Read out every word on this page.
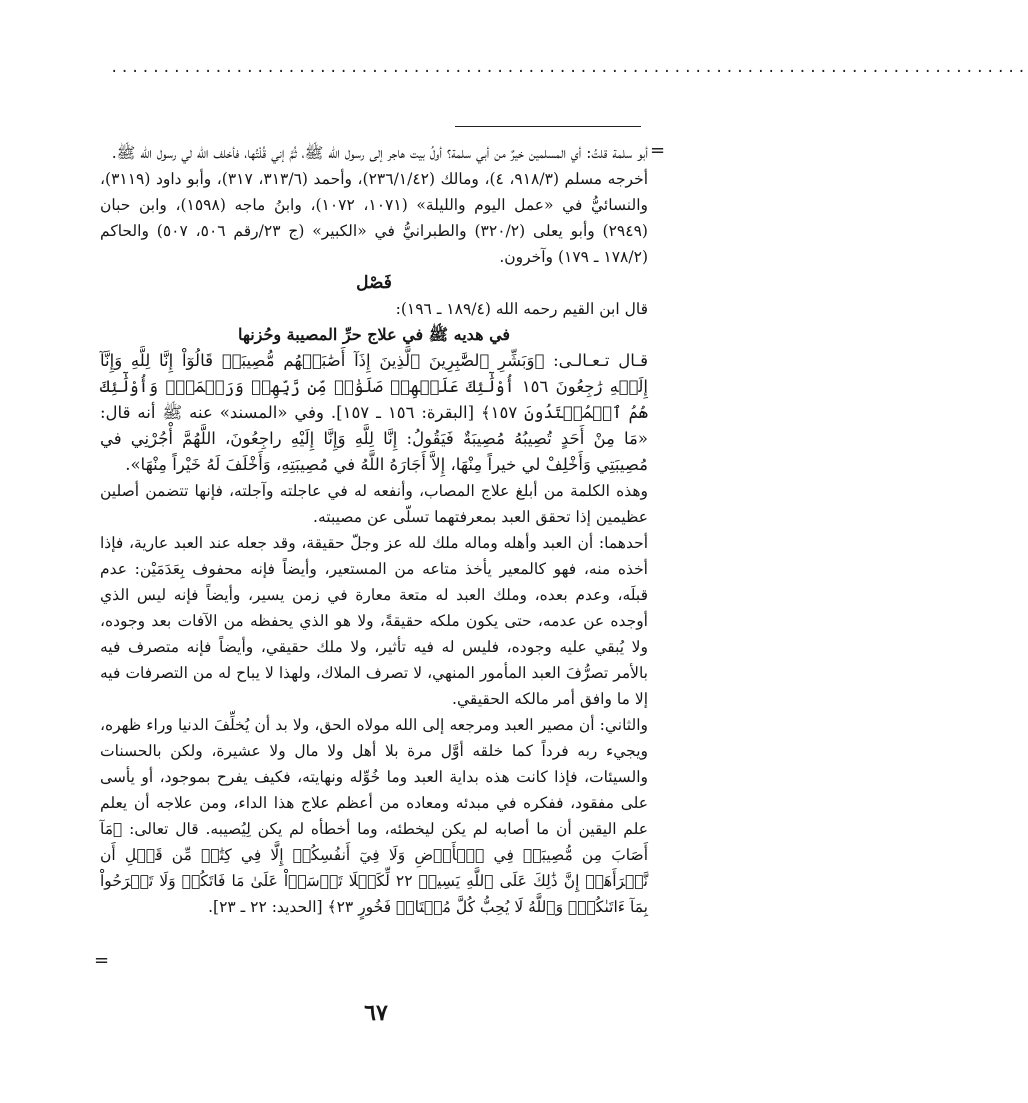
........................................................................................
=

أبو سلمة قلتُ: أي المسلمين خيرٌ من أبي سلمة؟ أولُ بيت هاجر إلى رسول الله ﷺ، ثُمَّ إني قُلْتُها، فأخلف الله لي رسول الله ﷺ.

أخرجه مسلم (٩١٨/٣، ٤)، ومالك (٢٣٦/١/٤٢)، وأحمد (٣١٣/٦، ٣١٧)، وأبو داود (٣١١٩)، والنسائيُّ في «عمل اليوم والليلة» (١٠٧١، ١٠٧٢)، وابنُ ماجه (١٥٩٨)، وابن حبان (٢٩٤٩) وأبو يعلى (٣٢٠/٢) والطبرانيُّ في «الكبير» (ج ٢٣/رقم ٥٠٦، ٥٠٧) والحاكم (١٧٨/٢ ـ ١٧٩) وآخرون.

فَصْل

قال ابن القيم رحمه الله (١٨٩/٤ ـ ١٩٦):

في هديه ﷺ في علاج حرِّ المصيبة وحُزنها

قـال تـعـالـى: ﴿وَبَشِّرِ ٱلصَّٰبِرِينَ ٱلَّذِينَ إِذَآ أَصَٰبَتۡهُم مُّصِيبَةٞ قَالُوٓاْ إِنَّا لِلَّهِ وَإِنَّآ إِلَيۡهِ رَٰجِعُونَ ١٥٦ أُوْلَٰٓئِكَ عَلَيۡهِمۡ صَلَوَٰتٞ مِّن رَّبِّهِمۡ وَرَحۡمَةٞۖ وَأُوْلَٰٓئِكَ هُمُ ٱلۡمُهۡتَدُونَ ١٥٧﴾ [البقرة: ١٥٦ ـ ١٥٧]. وفي «المسند» عنه ﷺ أنه قال: «مَا مِنْ أَحَدٍ تُصِيبُهُ مُصِيبَةٌ فَيَقُولُ: إِنَّا لِلَّهِ وَإِنَّا إِلَيْهِ راجِعُونَ، اللَّهُمَّ أْجُرْنِي في مُصِيبَتِي وَأَخْلِفْ لي خيراً مِنْهَا، إِلاَّ أَجَارَهُ اللَّهُ في مُصِيبَتِهِ، وَأَخْلَفَ لَهُ خَيْراً مِنْهَا».

وهذه الكلمة من أبلغ علاج المصاب، وأنفعه له في عاجلته وآجلته، فإنها تتضمن أصلين عظيمين إذا تحقق العبد بمعرفتهما تسلّى عن مصيبته.

أحدهما: أن العبد وأهله وماله ملك لله عز وجلّ حقيقة، وقد جعله عند العبد عارية، فإذا أخذه منه، فهو كالمعير يأخذ متاعه من المستعير، وأيضاً فإنه محفوف بِعَدَمَيْن: عدم قبلَه، وعدم بعده، وملك العبد له متعة معارة في زمن يسير، وأيضاً فإنه ليس الذي أوجده عن عدمه، حتى يكون ملكه حقيقةً، ولا هو الذي يحفظه من الآفات بعد وجوده، ولا يُبقي عليه وجوده، فليس له فيه تأثير، ولا ملك حقيقي، وأيضاً فإنه متصرف فيه بالأمر تصرُّفَ العبد المأمور المنهي، لا تصرف الملاك، ولهذا لا يباح له من التصرفات فيه إلا ما وافق أمر مالكه الحقيقي.

والثاني: أن مصير العبد ومرجعه إلى الله مولاه الحق، ولا بد أن يُخلِّفَ الدنيا وراء ظهره، ويجيء ربه فرداً كما خلقه أوَّل مرة بلا أهل ولا مال ولا عشيرة، ولكن بالحسنات والسيئات، فإذا كانت هذه بداية العبد وما خُوِّله ونهايته، فكيف يفرح بموجود، أو يأسى على مفقود، ففكره في مبدئه ومعاده من أعظم علاج هذا الداء، ومن علاجه أن يعلم علم اليقين أن ما أصابه لم يكن ليخطئه، وما أخطأه لم يكن لِيُصيبه. قال تعالى: ﴿مَآ أَصَابَ مِن مُّصِيبَةٖ فِي ٱلۡأَرۡضِ وَلَا فِيٓ أَنفُسِكُمۡ إِلَّا فِي كِتَٰبٖ مِّن قَبۡلِ أَن نَّبۡرَأَهَآۚ إِنَّ ذَٰلِكَ عَلَى ٱللَّهِ يَسِيرٞ ٢٢ لِّكَيۡلَا تَأۡسَوۡاْ عَلَىٰ مَا فَاتَكُمۡ وَلَا تَفۡرَحُواْ بِمَآ ءَاتَىٰكُمۡۗ وَٱللَّهُ لَا يُحِبُّ كُلَّ مُخۡتَالٖ فَخُورٍ ٢٣﴾ [الحديد: ٢٢ ـ ٢٣].

=
٦٧
